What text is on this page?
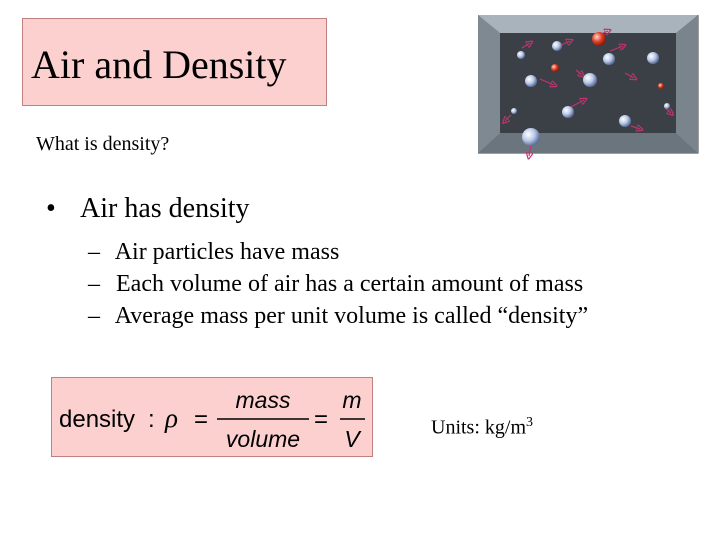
Air and Density
What is density?
• Air has density
– Air particles have mass
– Each volume of air has a certain amount of mass
– Average mass per unit volume is called “density”
density : ρ =
mass
volume
=
m
V	Units: $kg/m^3$
